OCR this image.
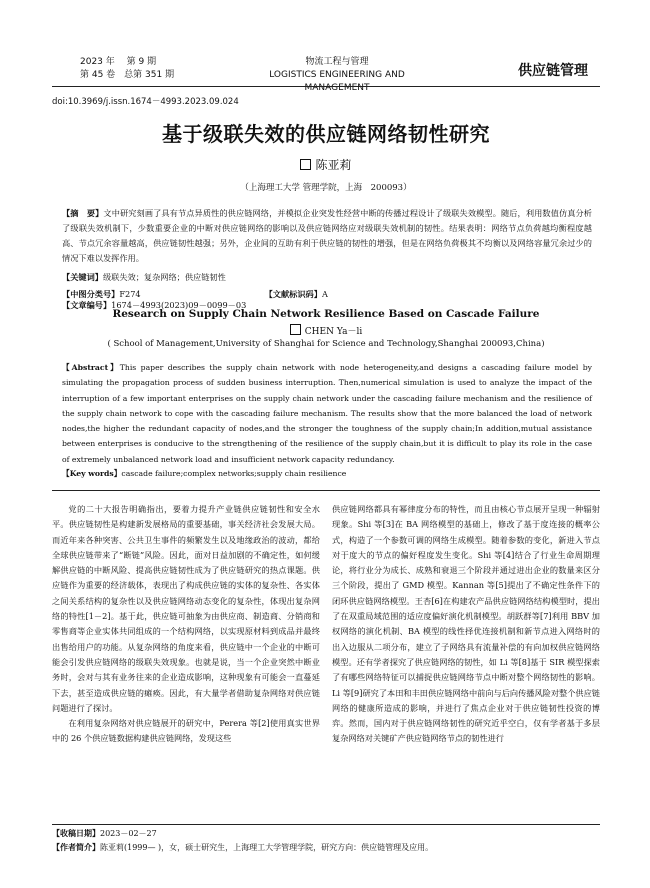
2023 年　 第 9 期
第 45 卷　总第 351 期
物流工程与管理
LOGISTICS ENGINEERING AND MANAGEMENT
供应链管理
doi:10.3969/j.issn.1674－4993.2023.09.024
基于级联失效的供应链网络韧性研究
陈亚莉
（上海理工大学 管理学院，上海　200093）
【摘　要】文中研究刻画了具有节点异质性的供应链网络，并模拟企业突发性经营中断的传播过程设计了级联失效模型。随后，利用数值仿真分析了级联失效机制下，少数重要企业的中断对供应链网络的影响以及供应链网络应对级联失效机制的韧性。结果表明：网络节点负荷越均衡程度越高、节点冗余容量越高，供应链韧性越强；另外，企业间的互助有利于供应链的韧性的增强，但是在网络负荷极其不均衡以及网络容量冗余过少的情况下难以发挥作用。
【关键词】级联失效；复杂网络；供应链韧性
【中图分类号】F274	【文献标识码】A 【文章编号】1674－4993(2023)09－0099－03
Research on Supply Chain Network Resilience Based on Cascade Failure
CHEN Ya－li
( School of Management,University of Shanghai for Science and Technology,Shanghai 200093,China)
【Abstract】This paper describes the supply chain network with node heterogeneity,and designs a cascading failure model by simulating the propagation process of sudden business interruption. Then,numerical simulation is used to analyze the impact of the interruption of a few important enterprises on the supply chain network under the cascading failure mechanism and the resilience of the supply chain network to cope with the cascading failure mechanism. The results show that the more balanced the load of network nodes,the higher the redundant capacity of nodes,and the stronger the toughness of the supply chain;In addition,mutual assistance between enterprises is conducive to the strengthening of the resilience of the supply chain,but it is difficult to play its role in the case of extremely unbalanced network load and insufficient network capacity redundancy.
【Key words】cascade failure;complex networks;supply chain resilience

党的二十大报告明确指出，要着力提升产业链供应链韧性和安全水平。供应链韧性是构建新发展格局的重要基础，事关经济社会发展大局。而近年来各种突害、公共卫生事件的频繁发生以及地缘政治的波动，都给全球供应链带来了“断链”风险。因此，面对日益加剧的不确定性，如何缓解供应链的中断风险、提高供应链韧性成为了供应链研究的热点课题。供应链作为重要的经济载体，表现出了构成供应链的实体的复杂性、各实体之间关系结构的复杂性以及供应链网络动态变化的复杂性，体现出复杂网络的特性[1－2]。基于此，供应链可抽象为由供应商、制造商、分销商和零售商等企业实体共同组成的一个结构网络，以实现原材料到成品并最终出售给用户的功能。从复杂网络的角度来看，供应链中一个企业的中断可能会引发供应链网络的级联失效现象。也就是说，当一个企业突然中断业务时，会对与其有业务往来的企业造成影响，这种现象有可能会一直蔓延下去，甚至造成供应链的瘫痪。因此，有大量学者借助复杂网络对供应链问题进行了探讨。

在利用复杂网络对供应链展开的研究中，Perera 等[2]使用真实世界中的 26 个供应链数据构建供应链网络，发现这些

供应链网络都具有幂律度分布的特性，而且由核心节点展开呈现一种辐射现象。Shi 等[3]在 BA 网络模型的基础上，修改了基于度连接的概率公式，构造了一个参数可调的网络生成模型。随着参数的变化，新进入节点对于度大的节点的偏好程度发生变化。Shi 等[4]结合了行业生命周期理论，将行业分为成长、成熟和衰退三个阶段并通过进出企业的数量来区分三个阶段，提出了 GMD 模型。Kannan 等[5]提出了不确定性条件下的闭环供应链网络模型。王杏[6]在构建农产品供应链网络结构模型时，提出了在双重局域范围的适应度偏好演化机制模型。胡跃群等[7]利用 BBV 加权网络的演化机制、BA 模型的线性择优连接机制和新节点进入网络时的出入边服从二项分布，建立了子网络具有流量补偿的有向加权供应链网络模型。还有学者探究了供应链网络的韧性，如 Li 等[8]基于 SIR 模型探索了有哪些网络特征可以捕捉供应链网络节点中断对整个网络韧性的影响。Li 等[9]研究了本田和丰田供应链网络中前向与后向传播风险对整个供应链网络的健康所造成的影响，并进行了焦点企业对于供应链韧性投资的博弈。然而，国内对于供应链网络韧性的研究近乎空白，仅有学者基于多层复杂网络对关键矿产供应链网络节点的韧性进行

【收稿日期】2023－02－27
【作者简介】陈亚莉(1999— )，女，硕士研究生，上海理工大学管理学院，研究方向：供应链管理及应用。
